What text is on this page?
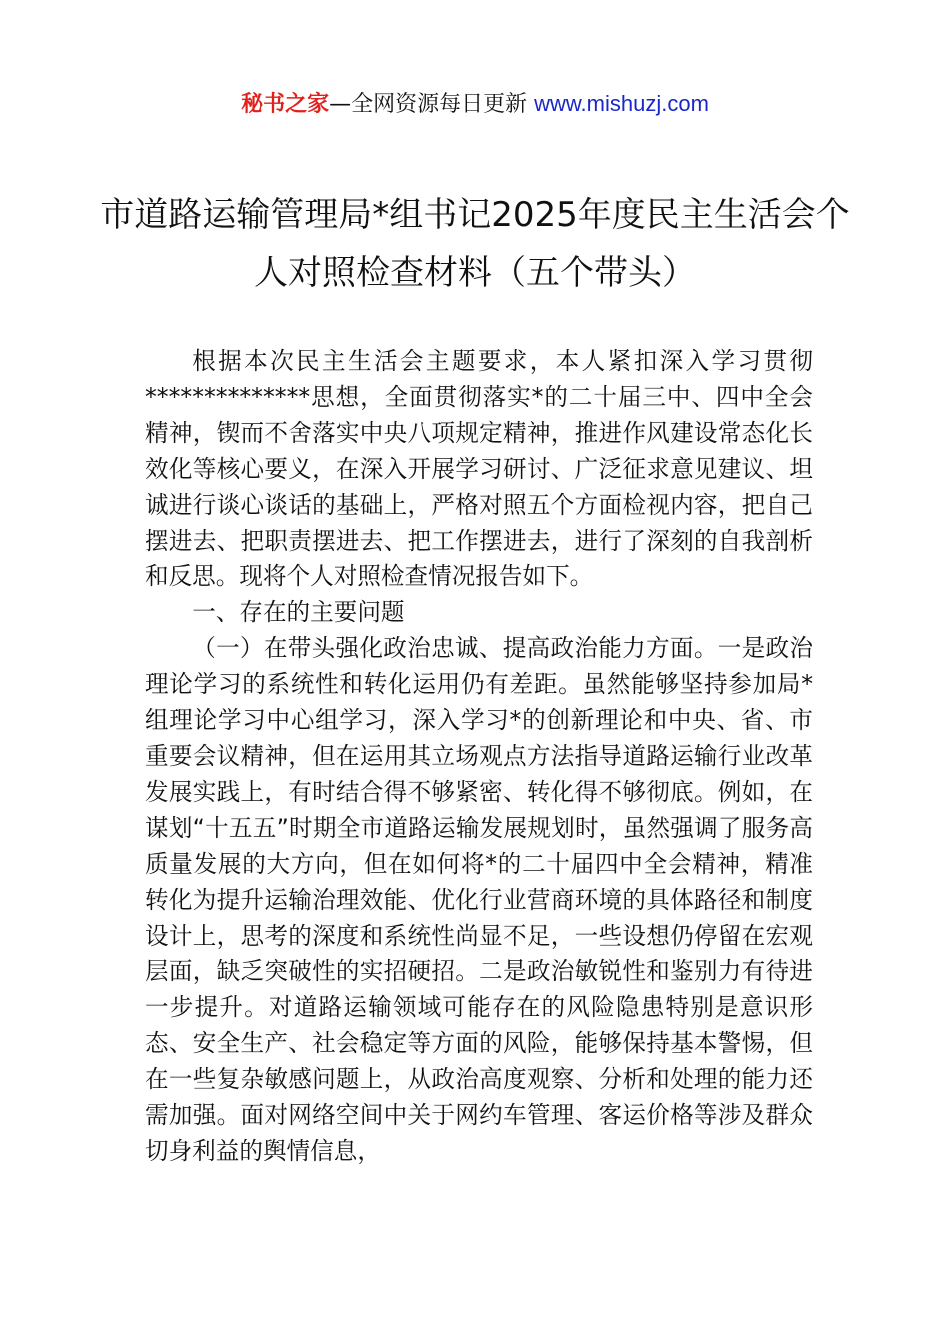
秘书之家—全网资源每日更新 www.mishuzj.com
市道路运输管理局*组书记2025年度民主生活会个人对照检查材料（五个带头）

根据本次民主生活会主题要求，本人紧扣深入学习贯彻**************思想，全面贯彻落实*的二十届三中、四中全会精神，锲而不舍落实中央八项规定精神，推进作风建设常态化长效化等核心要义，在深入开展学习研讨、广泛征求意见建议、坦诚进行谈心谈话的基础上，严格对照五个方面检视内容，把自己摆进去、把职责摆进去、把工作摆进去，进行了深刻的自我剖析和反思。现将个人对照检查情况报告如下。

一、存在的主要问题

（一）在带头强化政治忠诚、提高政治能力方面。一是政治理论学习的系统性和转化运用仍有差距。虽然能够坚持参加局*组理论学习中心组学习，深入学习*的创新理论和中央、省、市重要会议精神，但在运用其立场观点方法指导道路运输行业改革发展实践上，有时结合得不够紧密、转化得不够彻底。例如，在谋划“十五五”时期全市道路运输发展规划时，虽然强调了服务高质量发展的大方向，但在如何将*的二十届四中全会精神，精准转化为提升运输治理效能、优化行业营商环境的具体路径和制度设计上，思考的深度和系统性尚显不足，一些设想仍停留在宏观层面，缺乏突破性的实招硬招。二是政治敏锐性和鉴别力有待进一步提升。对道路运输领域可能存在的风险隐患特别是意识形态、安全生产、社会稳定等方面的风险，能够保持基本警惕，但在一些复杂敏感问题上，从政治高度观察、分析和处理的能力还需加强。面对网络空间中关于网约车管理、客运价格等涉及群众切身利益的舆情信息，
